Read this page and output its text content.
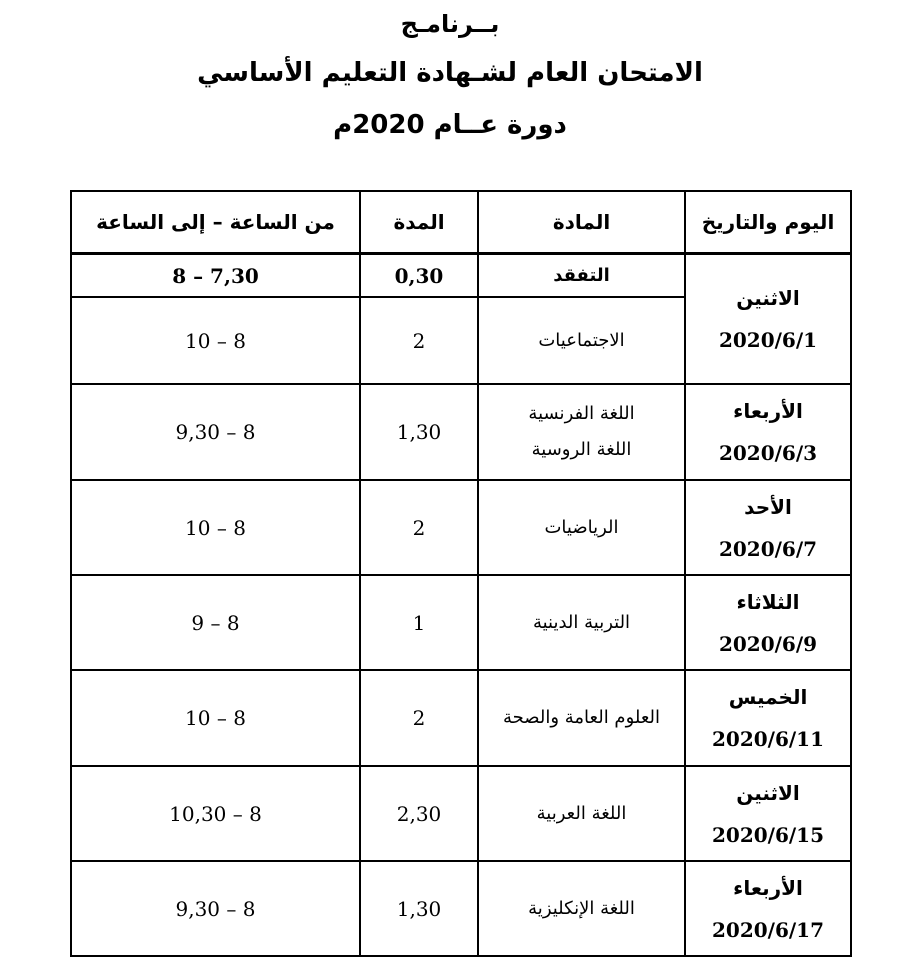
بــرنامـج
الامتحان العام لشـهادة التعليم الأساسي
دورة عــام 2020م
اليوم والتاريخ
المادة
المدة
من الساعة – إلى الساعة
الاثنين
2020/6/1
التفقد
0,30
8 – 7,30
الاجتماعيات
2
10 – 8
الأربعاء
2020/6/3
اللغة الفرنسية
اللغة الروسية
1,30
9,30 – 8
الأحد
2020/6/7
الرياضيات
2
10 – 8
الثلاثاء
2020/6/9
التربية الدينية
1
9 – 8
الخميس
2020/6/11
العلوم العامة والصحة
2
10 – 8
الاثنين
2020/6/15
اللغة العربية
2,30
10,30 – 8
الأربعاء
2020/6/17
اللغة الإنكليزية
1,30
9,30 – 8
